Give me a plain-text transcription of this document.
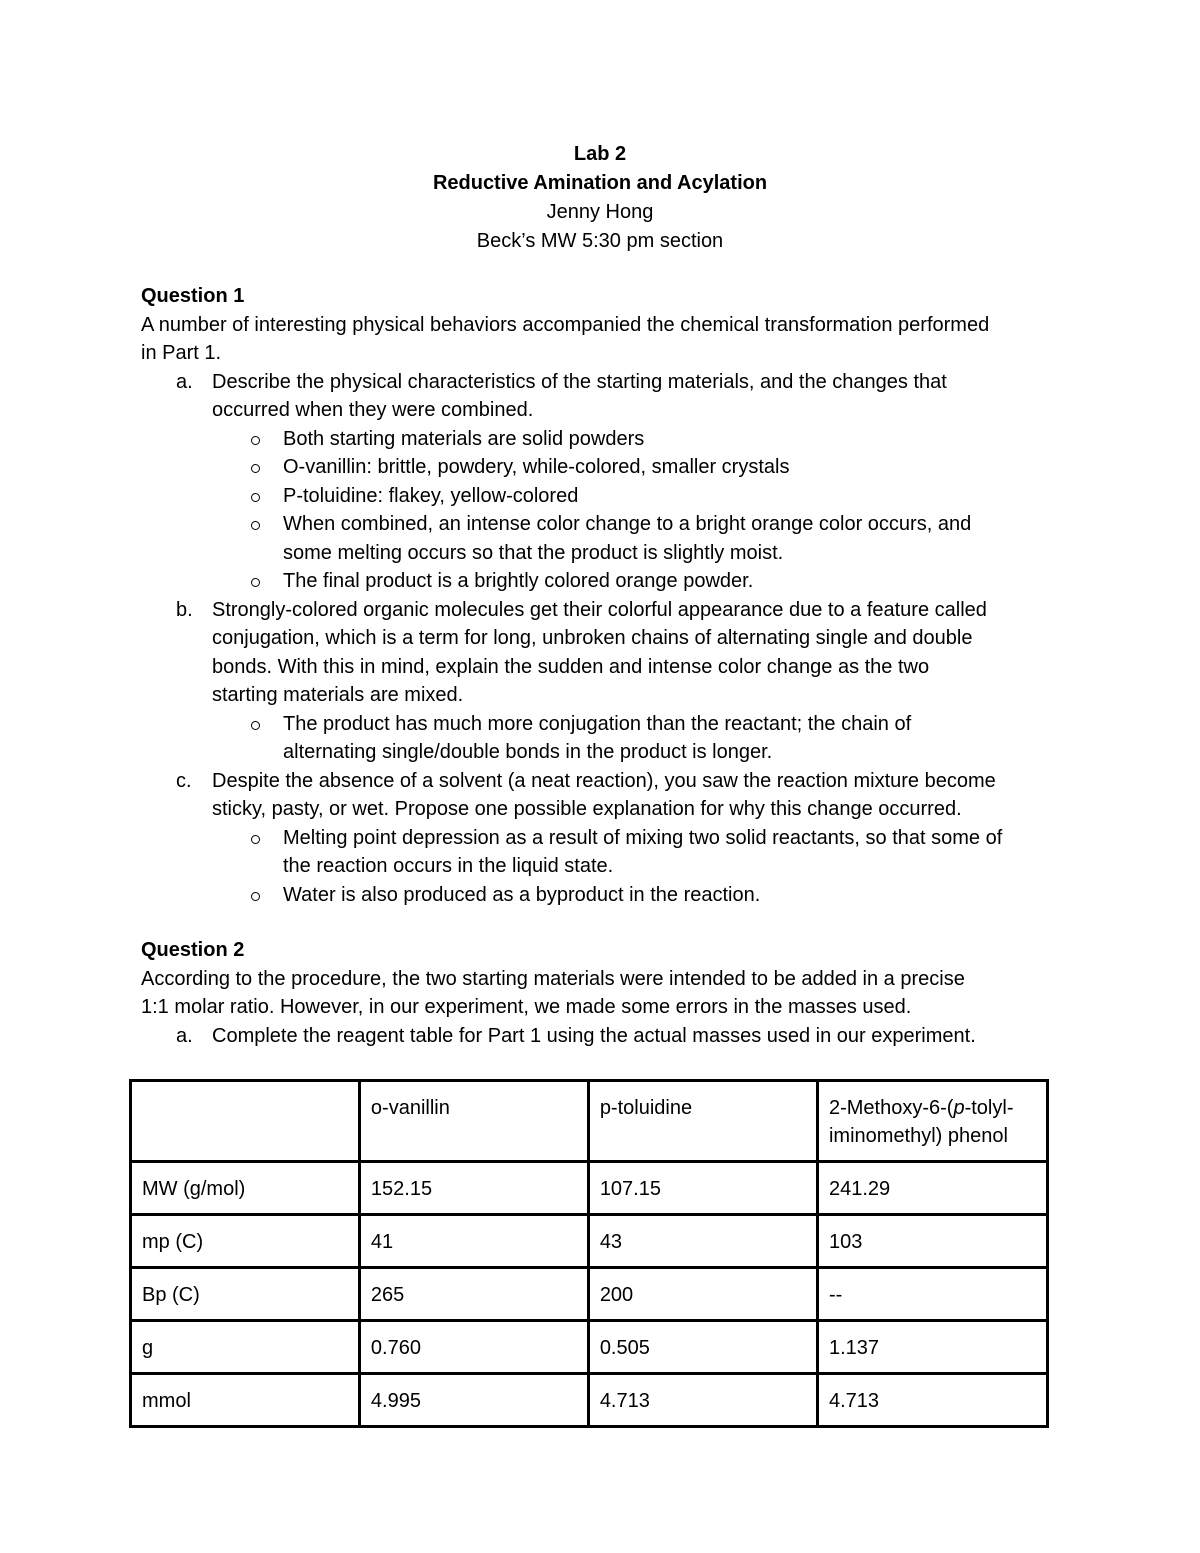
Lab 2
Reductive Amination and Acylation
Jenny Hong
Beck’s MW 5:30 pm section
Question 1
A number of interesting physical behaviors accompanied the chemical transformation performed
in Part 1.
a. Describe the physical characteristics of the starting materials, and the changes that
occurred when they were combined.
Both starting materials are solid powders
O-vanillin: brittle, powdery, while-colored, smaller crystals
P-toluidine: flakey, yellow-colored
When combined, an intense color change to a bright orange color occurs, and
some melting occurs so that the product is slightly moist.
The final product is a brightly colored orange powder.
b. Strongly-colored organic molecules get their colorful appearance due to a feature called
conjugation, which is a term for long, unbroken chains of alternating single and double
bonds. With this in mind, explain the sudden and intense color change as the two
starting materials are mixed.
The product has much more conjugation than the reactant; the chain of
alternating single/double bonds in the product is longer.
c. Despite the absence of a solvent (a neat reaction), you saw the reaction mixture become
sticky, pasty, or wet. Propose one possible explanation for why this change occurred.
Melting point depression as a result of mixing two solid reactants, so that some of
the reaction occurs in the liquid state.
Water is also produced as a byproduct in the reaction.
Question 2
According to the procedure, the two starting materials were intended to be added in a precise
1:1 molar ratio. However, in our experiment, we made some errors in the masses used.
a. Complete the reagent table for Part 1 using the actual masses used in our experiment.
	o-vanillin	p-toluidine	2-Methoxy-6-(p-tolyl-
iminomethyl) phenol
MW (g/mol)	152.15	107.15	241.29
mp (C)	41	43	103
Bp (C)	265	200	--
g	0.760	0.505	1.137
mmol	4.995	4.713	4.713
